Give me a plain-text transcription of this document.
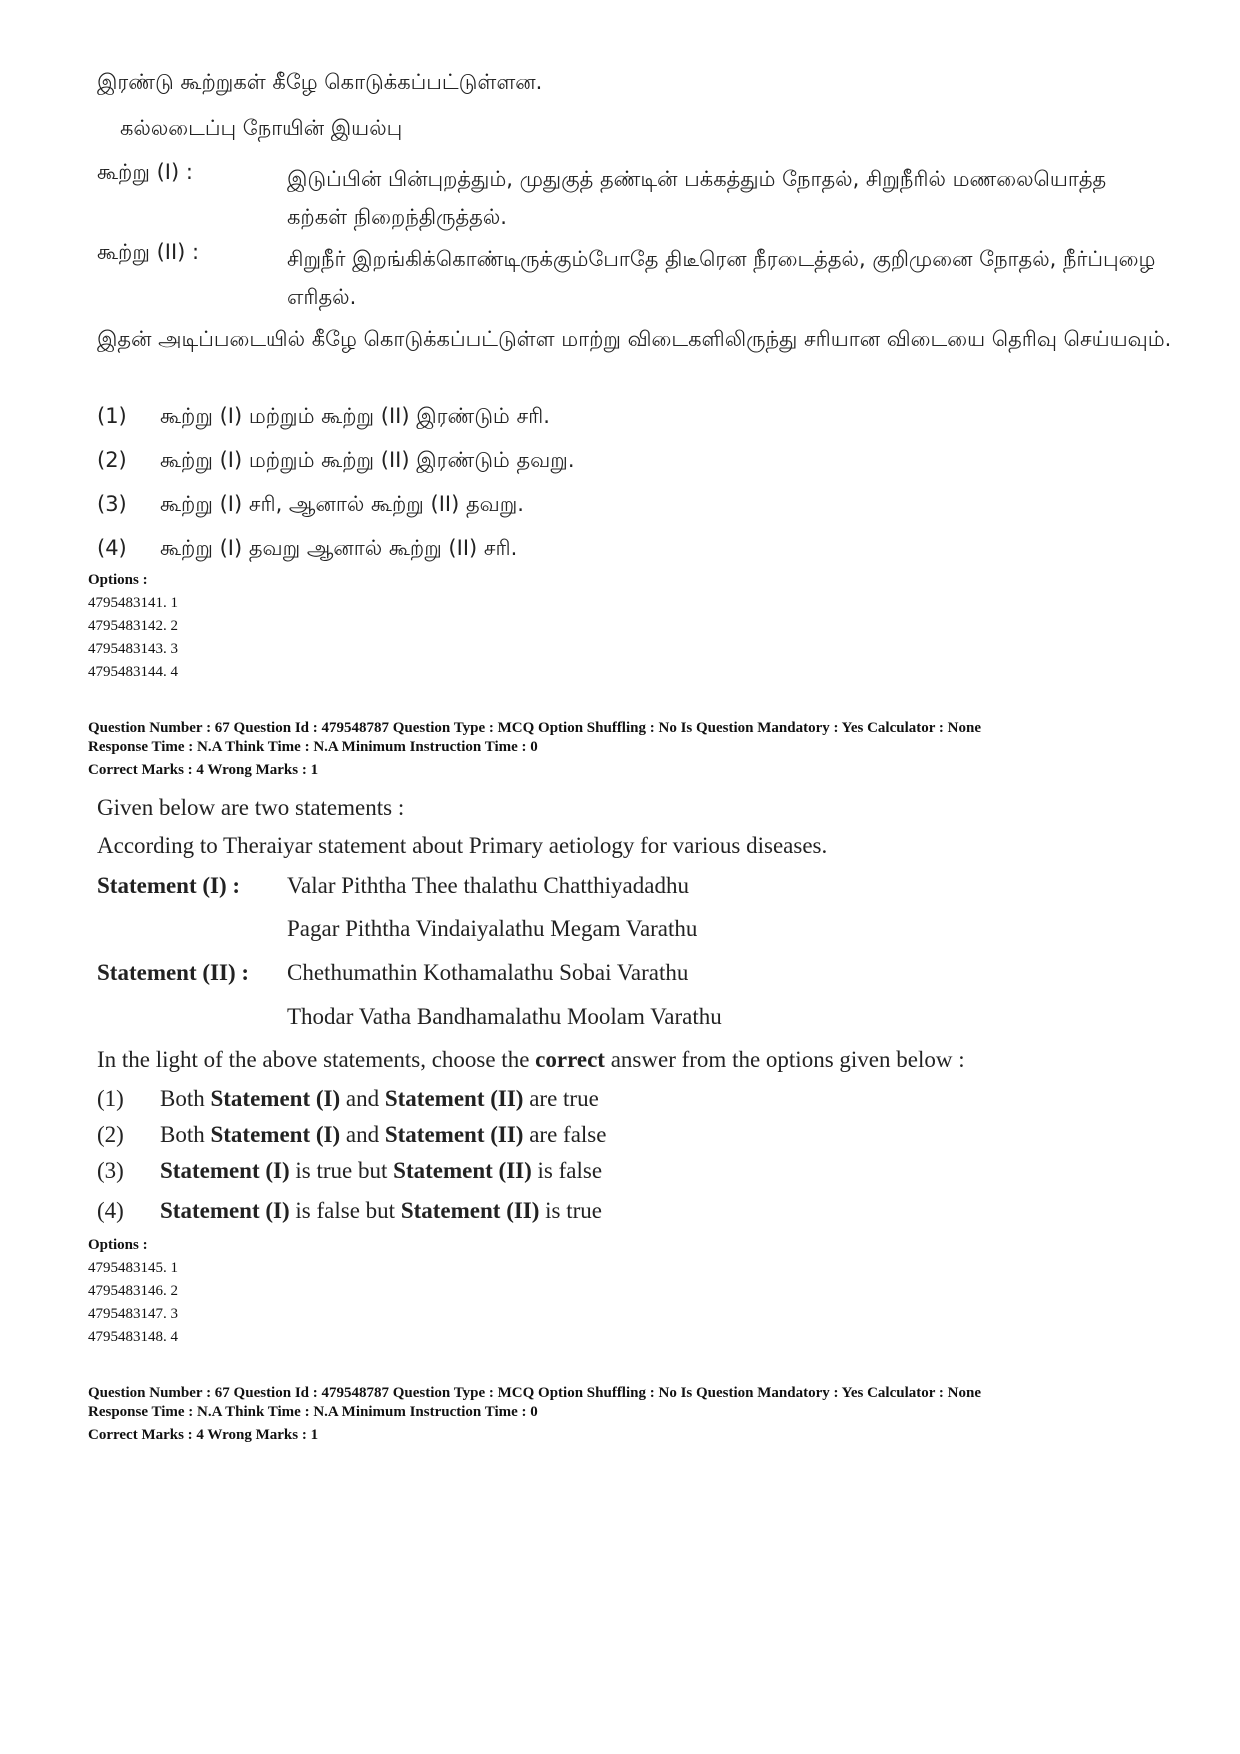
இரண்டு கூற்றுகள் கீழே கொடுக்கப்பட்டுள்ளன.
கல்லடைப்பு நோயின் இயல்பு
கூற்று (I) :	இடுப்பின் பின்புறத்தும், முதுகுத் தண்டின் பக்கத்தும் நோதல், சிறுநீரில் மணலையொத்த கற்கள் நிறைந்திருத்தல்.
கூற்று (II) :	சிறுநீர் இறங்கிக்கொண்டிருக்கும்போதே திடீரென நீரடைத்தல், குறிமுனை நோதல், நீர்ப்புழை எரிதல்.
இதன் அடிப்படையில் கீழே கொடுக்கப்பட்டுள்ள மாற்று விடைகளிலிருந்து சரியான விடையை தெரிவு செய்யவும்.
(1) கூற்று (I) மற்றும் கூற்று (II) இரண்டும் சரி.
(2) கூற்று (I) மற்றும் கூற்று (II) இரண்டும் தவறு.
(3) கூற்று (I) சரி, ஆனால் கூற்று (II) தவறு.
(4) கூற்று (I) தவறு ஆனால் கூற்று (II) சரி.
Options :
4795483141. 1
4795483142. 2
4795483143. 3
4795483144. 4
Question Number : 67 Question Id : 479548787 Question Type : MCQ Option Shuffling : No Is Question Mandatory : Yes Calculator : None
Response Time : N.A Think Time : N.A Minimum Instruction Time : 0
Correct Marks : 4 Wrong Marks : 1
Given below are two statements :
According to Theraiyar statement about Primary aetiology for various diseases.
Statement (I) : Valar Piththa Thee thalathu Chatthiyadadhu
Pagar Piththa Vindaiyalathu Megam Varathu
Statement (II) : Chethumathin Kothamalathu Sobai Varathu
Thodar Vatha Bandhamalathu Moolam Varathu
In the light of the above statements, choose the correct answer from the options given below :
(1) Both Statement (I) and Statement (II) are true
(2) Both Statement (I) and Statement (II) are false
(3) Statement (I) is true but Statement (II) is false
(4) Statement (I) is false but Statement (II) is true
Options :
4795483145. 1
4795483146. 2
4795483147. 3
4795483148. 4
Question Number : 67 Question Id : 479548787 Question Type : MCQ Option Shuffling : No Is Question Mandatory : Yes Calculator : None
Response Time : N.A Think Time : N.A Minimum Instruction Time : 0
Correct Marks : 4 Wrong Marks : 1
